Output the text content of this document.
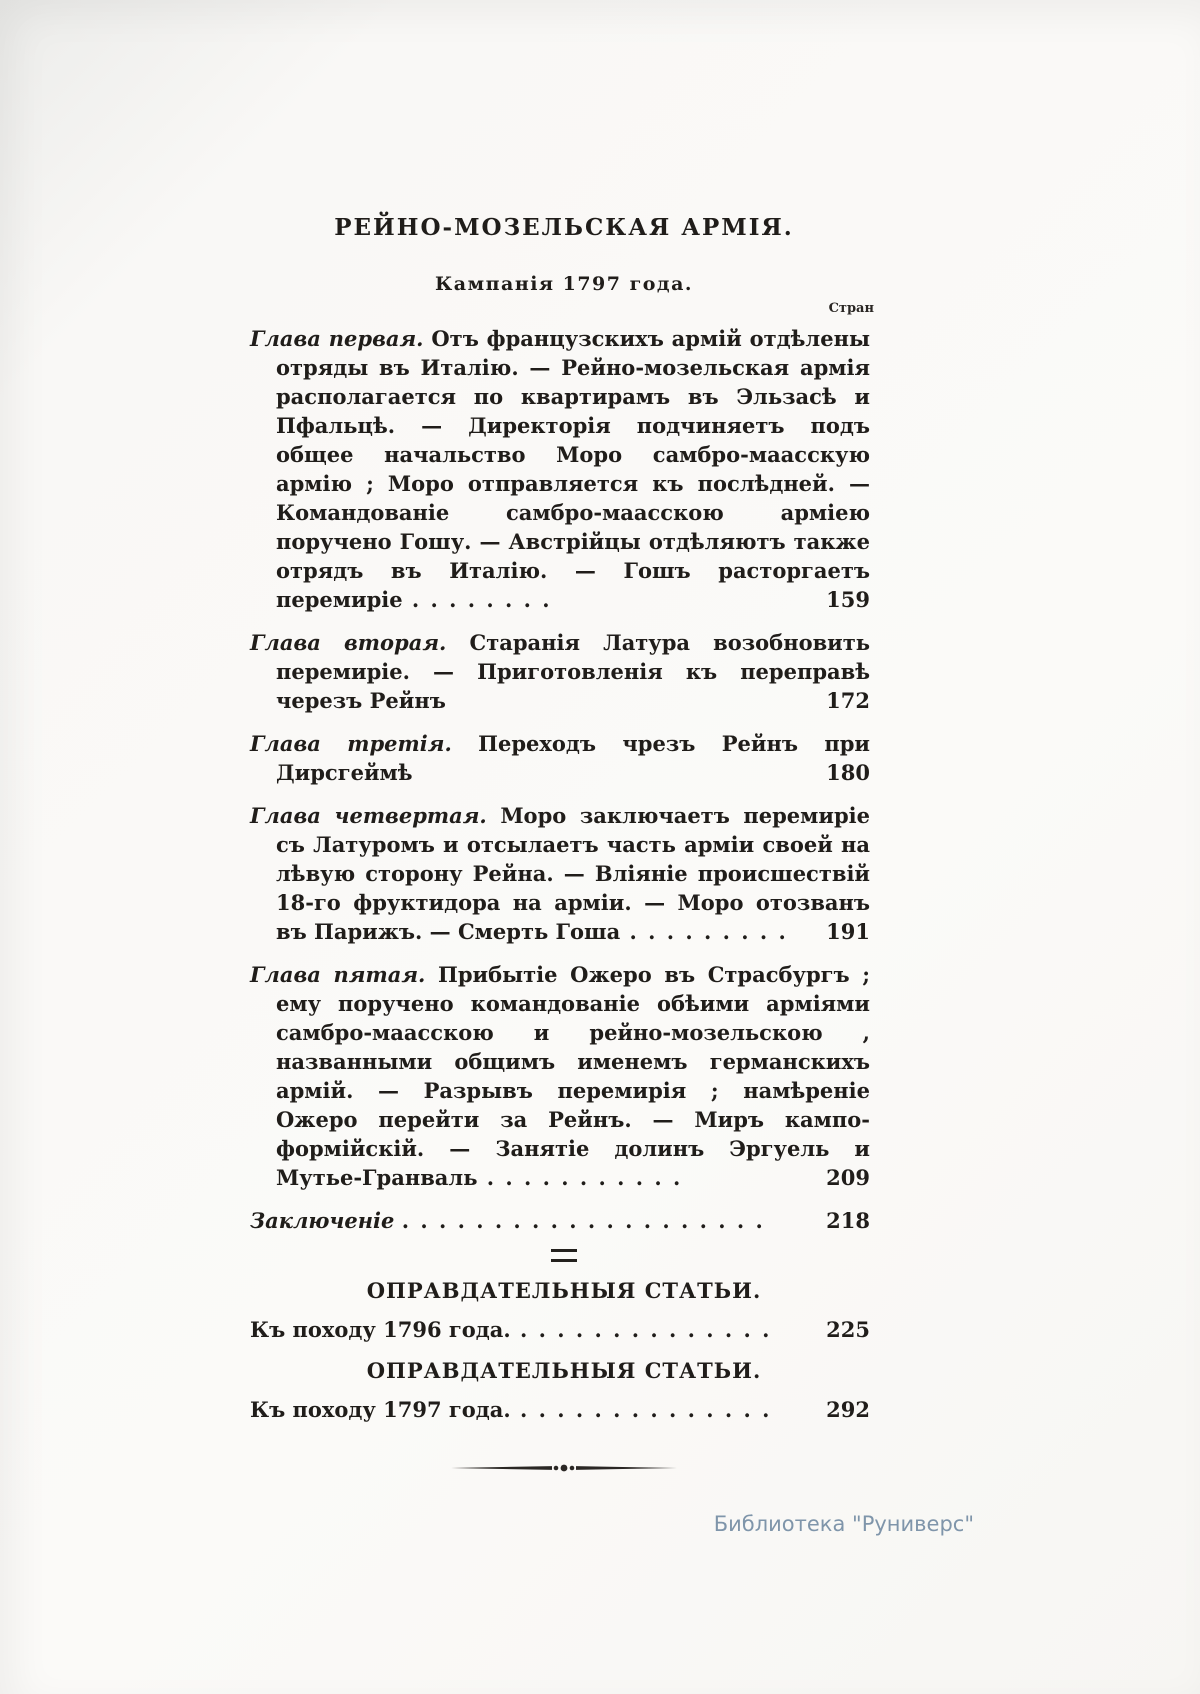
РЕЙНО-МОЗЕЛЬСКАЯ АРМІЯ.
Кампанія 1797 года.
Стран
Глава первая. Отъ французскихъ армій отдѣлены отряды въ Италію. — Рейно-мозельская армія располагается по квартирамъ въ Эльзасѣ и Пфальцѣ. — Директорія подчиняетъ подъ общее начальство Моро самбро-маасскую армію ; Моро отправляется къ послѣдней. — Командованіе самбро-маасскою арміею поручено Гошу. — Австрійцы отдѣляютъ также отрядъ въ Италію. — Гошъ расторгаетъ перемиріе . . . . . . . .	159
Глава вторая. Старанія Латура возобновить перемиріе. — Приготовленія къ переправѣ черезъ Рейнъ	172
Глава третія. Переходъ чрезъ Рейнъ при Дирсгеймѣ	180
Глава четвертая. Моро заключаетъ перемиріе съ Латуромъ и отсылаетъ часть арміи своей на лѣвую сторону Рейна. — Вліяніе происшествій 18-го фруктидора на арміи. — Моро отозванъ въ Парижъ. — Смерть Гоша . . . . . . . . . 191
Глава пятая. Прибытіе Ожеро въ Страсбургъ ; ему поручено командованіе обѣими арміями самбро-маасскою и рейно-мозельскою , названными общимъ именемъ германскихъ армій. — Разрывъ перемирія ; намѣреніе Ожеро перейти за Рейнъ. — Миръ кампо-формійскій. — Занятіе долинъ Эргуель и Мутье-Гранваль . . . . . . . . . . .	209
Заключеніе . . . . . . . . . . . . . . . . . . . .	218
ОПРАВДАТЕЛЬНЫЯ СТАТЬИ.
Къ походу 1796 года. . . . . . . . . . . . . . .	225
ОПРАВДАТЕЛЬНЫЯ СТАТЬИ.
Къ походу 1797 года. . . . . . . . . . . . . . .	292
Библиотека "Руниверс"
